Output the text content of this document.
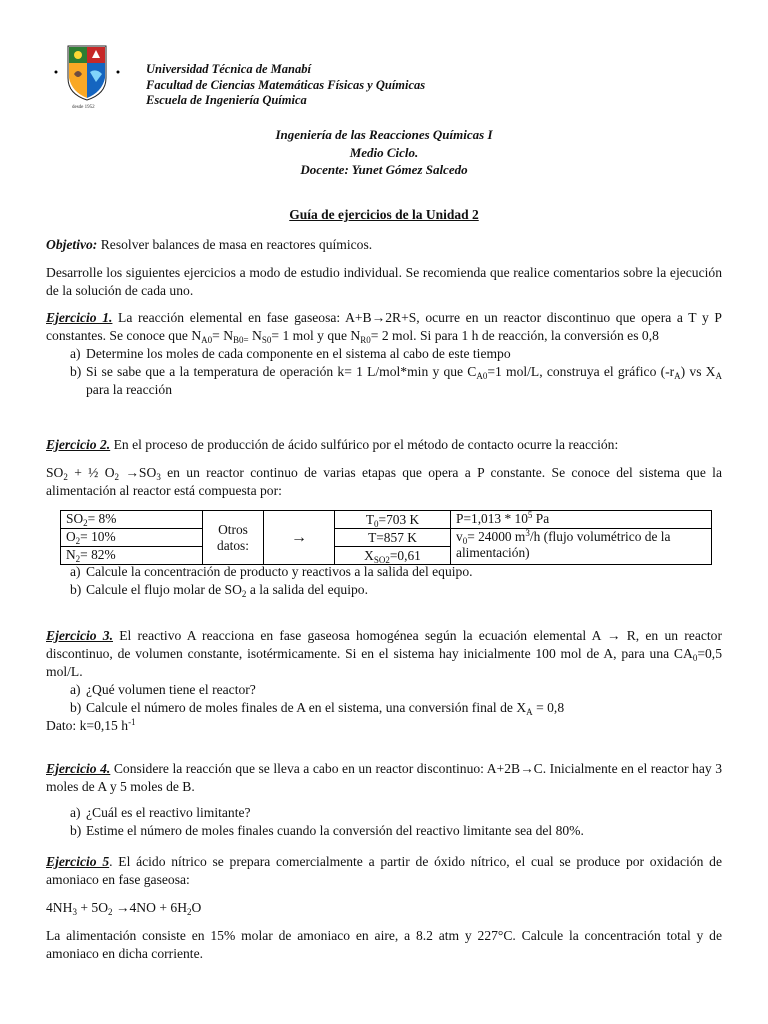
desde 1952
Universidad Técnica de Manabí
Facultad de Ciencias Matemáticas Físicas y Químicas
Escuela de Ingeniería Química
Ingeniería de las Reacciones Químicas I
Medio Ciclo.
Docente: Yunet Gómez Salcedo
Guía de ejercicios de la Unidad 2
Objetivo: Resolver balances de masa en reactores químicos.
Desarrolle los siguientes ejercicios a modo de estudio individual. Se recomienda que realice comentarios sobre la ejecución de la solución de cada uno.
Ejercicio 1. La reacción elemental en fase gaseosa: A+B→2R+S, ocurre en un reactor discontinuo que opera a T y P constantes. Se conoce que $N_{A0}= N_{B0=}$ $N_{S0}= 1$ mol y que $N_{R0}= 2$ mol. Si para 1 h de reacción, la conversión es 0,8
a) Determine los moles de cada componente en el sistema al cabo de este tiempo
b) Si se sabe que a la temperatura de operación k= 1 L/mol*min y que $C_{A0}=1$ mol/L, construya el gráfico $(-r_A)$ vs $X_A$ para la reacción
Ejercicio 2. En el proceso de producción de ácido sulfúrico por el método de contacto ocurre la reacción:
$SO_2$ + ½ $O_2 \to SO_3$ en un reactor continuo de varias etapas que opera a P constante. Se conoce del sistema que la alimentación al reactor está compuesta por:
$SO_2= 8\%$	Otros datos:	→	$T_0=703$ K	$P=1,013 * 10^5$ Pa
$O_2= 10\%$			T=857 K	$v_0= 24000$ $m^3/h$ (flujo volumétrico de la alimentación)
$N_2= 82\%$			$X_{SO2}=0,61$	
a) Calcule la concentración de producto y reactivos a la salida del equipo.
b) Calcule el flujo molar de $SO_2$ a la salida del equipo.
Ejercicio 3. El reactivo A reacciona en fase gaseosa homogénea según la ecuación elemental A → R, en un reactor discontinuo, de volumen constante, isotérmicamente. Si en el sistema hay inicialmente 100 mol de A, para una $CA_0=0,5$ mol/L.
a) ¿Qué volumen tiene el reactor?
b) Calcule el número de moles finales de A en el sistema, una conversión final de $X_A = 0,8$
Dato: k=0,15 $h^{-1}$
Ejercicio 4. Considere la reacción que se lleva a cabo en un reactor discontinuo: A+2B→C. Inicialmente en el reactor hay 3 moles de A y 5 moles de B.
a) ¿Cuál es el reactivo limitante?
b) Estime el número de moles finales cuando la conversión del reactivo limitante sea del 80%.
Ejercicio 5. El ácido nítrico se prepara comercialmente a partir de óxido nítrico, el cual se produce por oxidación de amoniaco en fase gaseosa:
$4NH_3 + 5O_2 \to 4NO + 6H_2O$
La alimentación consiste en 15% molar de amoniaco en aire, a 8.2 atm y 227°C. Calcule la concentración total y de amoniaco en dicha corriente.
